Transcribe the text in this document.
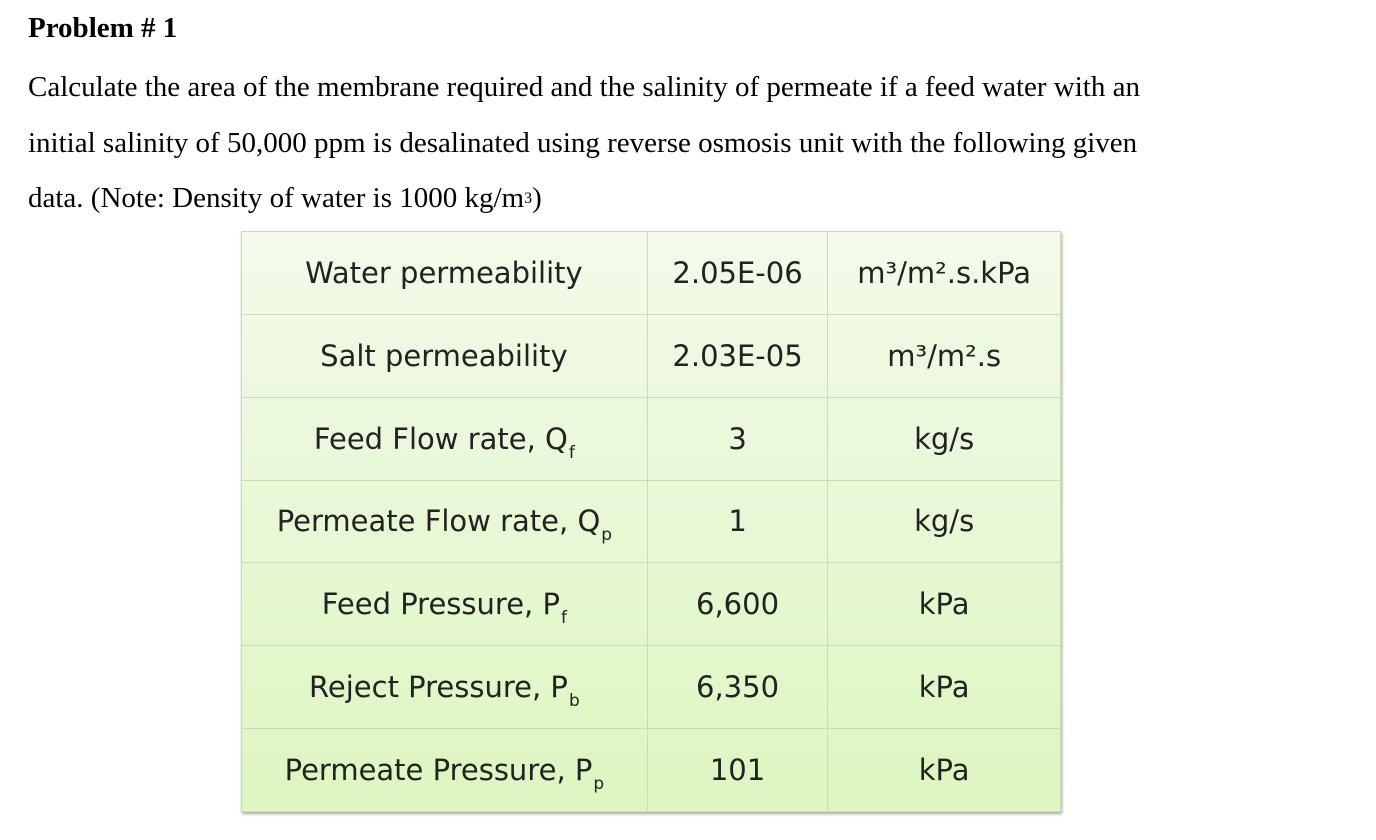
Problem # 1
Calculate the area of the membrane required and the salinity of permeate if a feed water with an
initial salinity of 50,000 ppm is desalinated using reverse osmosis unit with the following given
data. (Note: Density of water is 1000 $kg/m^3$)
Water permeability	2.05E-06	m³/m².s.kPa
Salt permeability	2.03E-05	m³/m².s
Feed Flow rate, $Q_f$	3	kg/s
Permeate Flow rate, $Q_p$	1	kg/s
Feed Pressure, $P_f$	6,600	kPa
Reject Pressure, $P_b$	6,350	kPa
Permeate Pressure, $P_p$	101	kPa
